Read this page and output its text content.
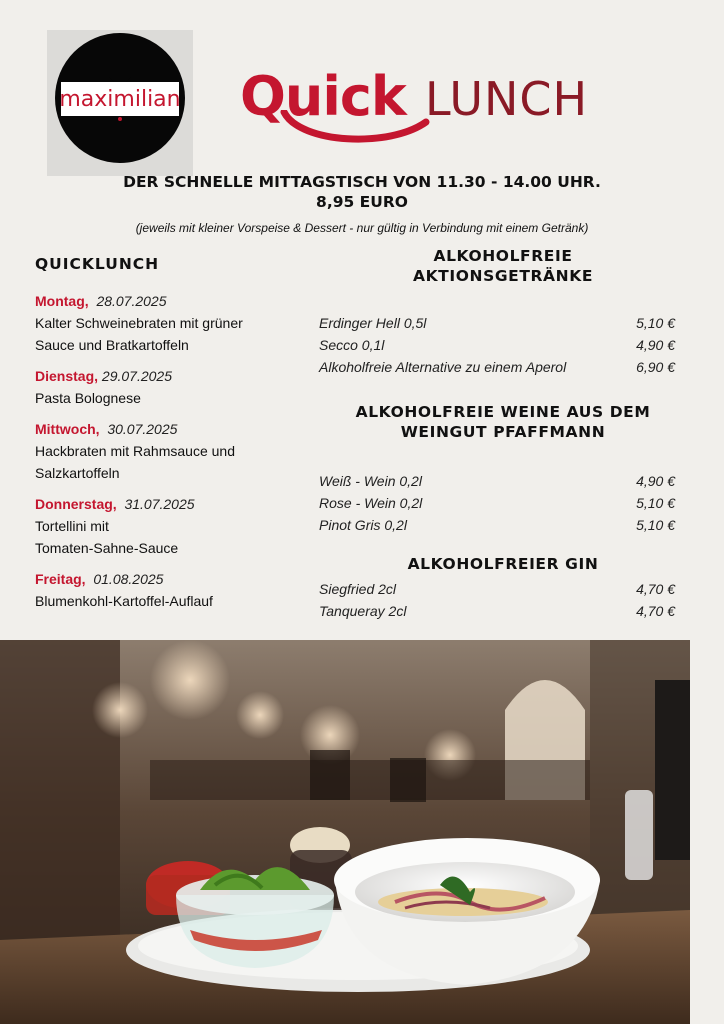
maximilian Quick LUNCH
DER SCHNELLE MITTAGSTISCH VON 11.30 - 14.00 UHR.
8,95 EURO
(jeweils mit kleiner Vorspeise & Dessert - nur gültig in Verbindung mit einem Getränk)
QUICKLUNCH
Montag, 28.07.2025
Kalter Schweinebraten mit grüner
Sauce und Bratkartoffeln
Dienstag, 29.07.2025
Pasta Bolognese
Mittwoch, 30.07.2025
Hackbraten mit Rahmsauce und
Salzkartoffeln
Donnerstag, 31.07.2025
Tortellini mit
Tomaten-Sahne-Sauce
Freitag, 01.08.2025
Blumenkohl-Kartoffel-Auflauf
ALKOHOLFREIE
AKTIONSGETRÄNKE
Erdinger Hell 0,5l	5,10 €
Secco 0,1l	4,90 €
Alkoholfreie Alternative zu einem Aperol	6,90 €
ALKOHOLFREIE WEINE AUS DEM
WEINGUT PFAFFMANN
Weiß - Wein 0,2l	4,90 €
Rose - Wein 0,2l	5,10 €
Pinot Gris 0,2l	5,10 €
ALKOHOLFREIER GIN
Siegfried 2cl	4,70 €
Tanqueray 2cl	4,70 €
